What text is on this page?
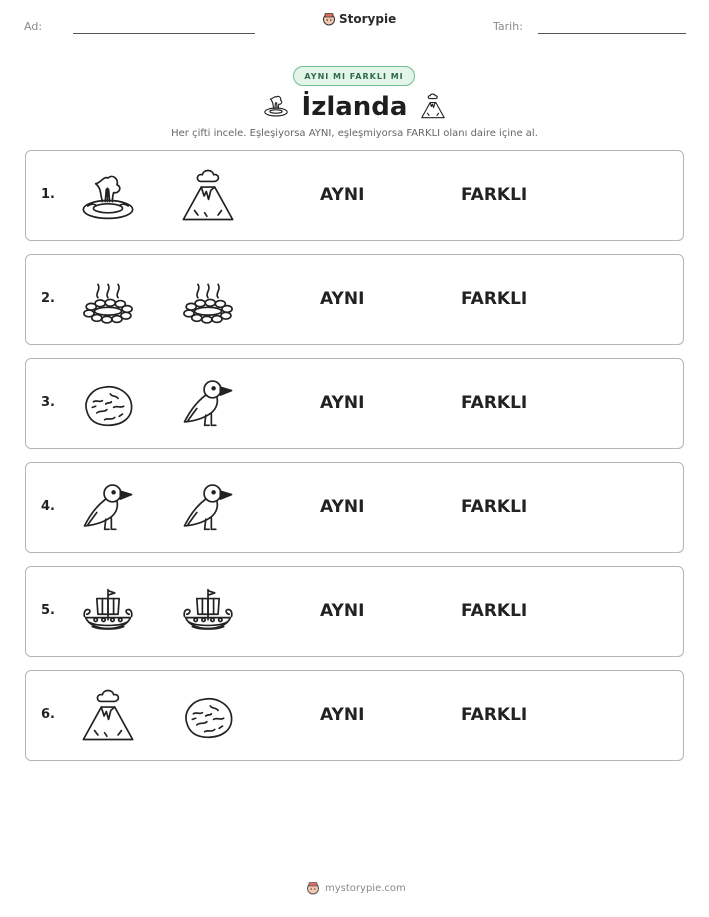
Ad:
Storypie
Tarih:
AYNI MI FARKLI MI
İzlanda
Her çifti incele. Eşleşiyorsa AYNI, eşleşmiyorsa FARKLI olanı daire içine al.
1.	AYNI	FARKLI
2.	AYNI	FARKLI
3.	AYNI	FARKLI
4.	AYNI	FARKLI
5.	AYNI	FARKLI
6.	AYNI	FARKLI
mystorypie.com
